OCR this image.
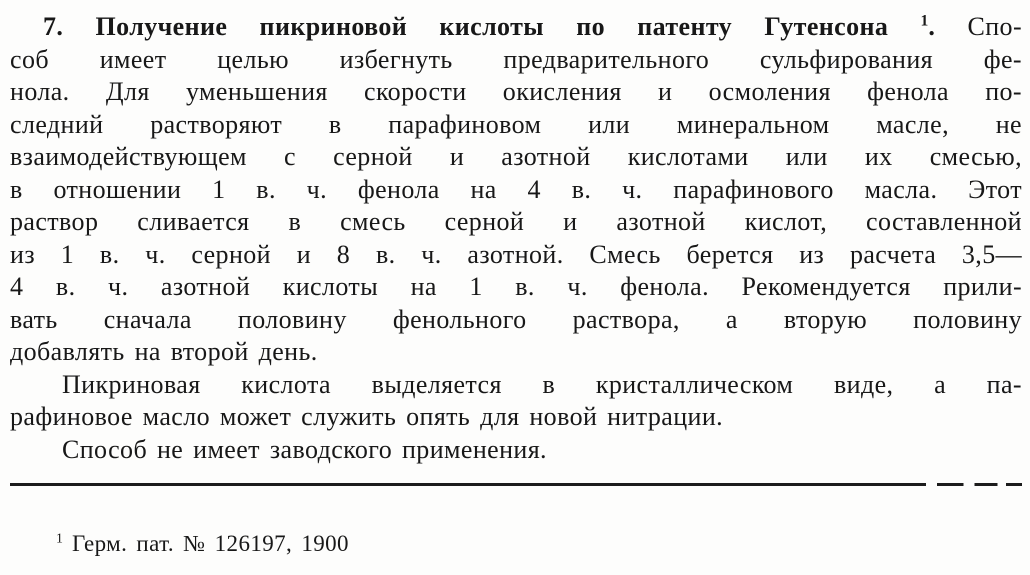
7. Получение пикриновой кислоты по патенту Гутенсона $^1$. Спо-
соб имеет целью избегнуть предварительного сульфирования фе-
нола. Для уменьшения скорости окисления и осмоления фенола по-
следний растворяют в парафиновом или минеральном масле, не
взаимодействующем с серной и азотной кислотами или их смесью,
в отношении 1 в. ч. фенола на 4 в. ч. парафинового масла. Этот
раствор сливается в смесь серной и азотной кислот, составленной
из 1 в. ч. серной и 8 в. ч. азотной. Смесь берется из расчета 3,5—
4 в. ч. азотной кислоты на 1 в. ч. фенола. Рекомендуется прили-
вать сначала половину фенольного раствора, а вторую половину
добавлять на второй день.
Пикриновая кислота выделяется в кристаллическом виде, а па-
рафиновое масло может служить опять для новой нитрации.
Способ не имеет заводского применения.
$^1$ Герм. пат. № 126197, 1900
